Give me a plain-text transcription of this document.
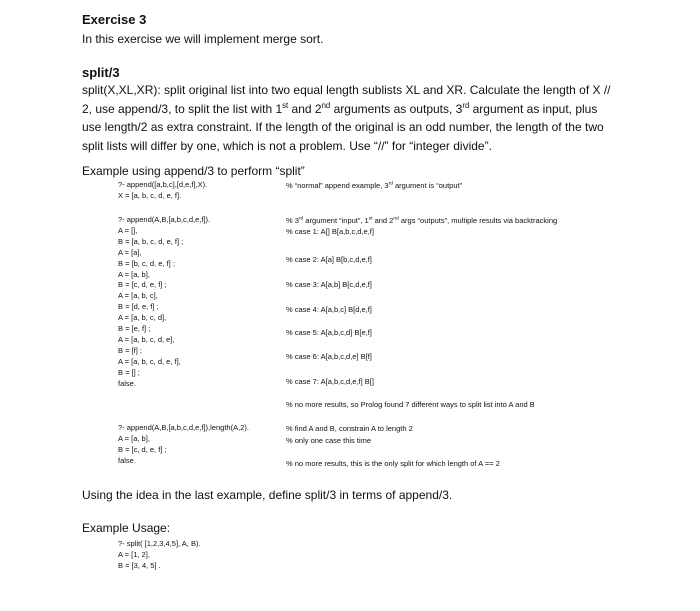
Exercise 3
In this exercise we will implement merge sort.
split/3
split(X,XL,XR): split original list into two equal length sublists XL and XR. Calculate the length of X // 2, use append/3, to split the list with 1st and 2nd arguments as outputs, 3rd argument as input, plus use length/2 as extra constraint. If the length of the original is an odd number, the length of the two split lists will differ by one, which is not a problem. Use “//” for “integer divide”.
Example using append/3 to perform “split”
?- append([a,b,c],[d,e,f],X).
X = [a, b, c, d, e, f].
% “normal” append example, 3rd argument is “output”
?- append(A,B,[a,b,c,d,e,f]).
A = [],
B = [a, b, c, d, e, f] ;
A = [a],
B = [b, c, d, e, f] ;
A = [a, b],
B = [c, d, e, f] ;
A = [a, b, c],
B = [d, e, f] ;
A = [a, b, c, d],
B = [e, f] ;
A = [a, b, c, d, e],
B = [f] ;
A = [a, b, c, d, e, f],
B = [] ;
false.
% 3rd argument “input”, 1st and 2nd args “outputs”, multiple results via backtracking
% case 1: A[] B[a,b,c,d,e,f]
% case 2: A[a] B[b,c,d,e,f]
% case 3: A[a,b] B[c,d,e,f]
% case 4: A[a,b,c] B[d,e,f]
% case 5: A[a,b,c,d] B[e,f]
% case 6: A[a,b,c,d,e] B[f]
% case 7: A[a,b,c,d,e,f] B[]
% no more results, so Prolog found 7 different ways to split list into A and B
?- append(A,B,[a,b,c,d,e,f]),length(A,2).
A = [a, b],
B = [c, d, e, f] ;
false.
% find A and B, constrain A to length 2
% only one case this time
% no more results, this is the only split for which length of A == 2
Using the idea in the last example, define split/3 in terms of append/3.
Example Usage:
?- split( [1,2,3,4,5], A, B).
A = [1, 2],
B = [3, 4, 5] .
